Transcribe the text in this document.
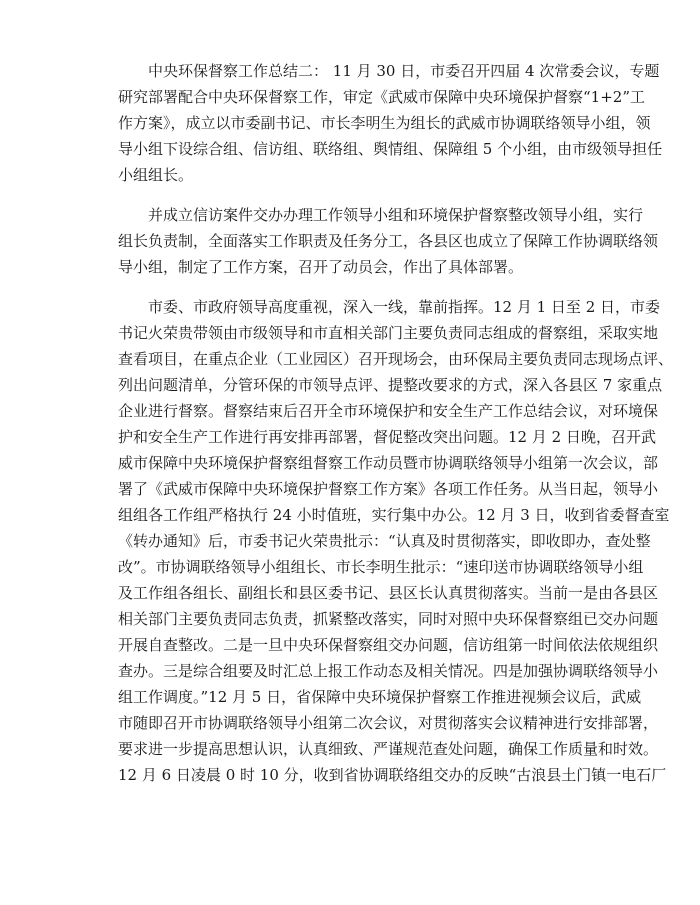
中央环保督察工作总结二： 11 月 30 日，市委召开四届 4 次常委会议，专题
研究部署配合中央环保督察工作，审定《武威市保障中央环境保护督察“1+2”工
作方案》，成立以市委副书记、市长李明生为组长的武威市协调联络领导小组，领
导小组下设综合组、信访组、联络组、舆情组、保障组 5 个小组，由市级领导担任
小组组长。
并成立信访案件交办办理工作领导小组和环境保护督察整改领导小组，实行
组长负责制，全面落实工作职责及任务分工，各县区也成立了保障工作协调联络领
导小组，制定了工作方案，召开了动员会，作出了具体部署。
市委、市政府领导高度重视，深入一线，靠前指挥。12 月 1 日至 2 日，市委
书记火荣贵带领由市级领导和市直相关部门主要负责同志组成的督察组，采取实地
查看项目，在重点企业（工业园区）召开现场会，由环保局主要负责同志现场点评、
列出问题清单，分管环保的市领导点评、提整改要求的方式，深入各县区 7 家重点
企业进行督察。督察结束后召开全市环境保护和安全生产工作总结会议，对环境保
护和安全生产工作进行再安排再部署，督促整改突出问题。12 月 2 日晚，召开武
威市保障中央环境保护督察组督察工作动员暨市协调联络领导小组第一次会议，部
署了《武威市保障中央环境保护督察工作方案》各项工作任务。从当日起，领导小
组组各工作组严格执行 24 小时值班，实行集中办公。12 月 3 日，收到省委督查室
《转办通知》后，市委书记火荣贵批示：“认真及时贯彻落实，即收即办，查处整
改”。市协调联络领导小组组长、市长李明生批示：“速印送市协调联络领导小组
及工作组各组长、副组长和县区委书记、县区长认真贯彻落实。当前一是由各县区
相关部门主要负责同志负责，抓紧整改落实，同时对照中央环保督察组已交办问题
开展自查整改。二是一旦中央环保督察组交办问题，信访组第一时间依法依规组织
查办。三是综合组要及时汇总上报工作动态及相关情况。四是加强协调联络领导小
组工作调度。”12 月 5 日，省保障中央环境保护督察工作推进视频会议后，武威
市随即召开市协调联络领导小组第二次会议，对贯彻落实会议精神进行安排部署，
要求进一步提高思想认识，认真细致、严谨规范查处问题，确保工作质量和时效。
12 月 6 日凌晨 0 时 10 分，收到省协调联络组交办的反映“古浪县土门镇一电石厂
